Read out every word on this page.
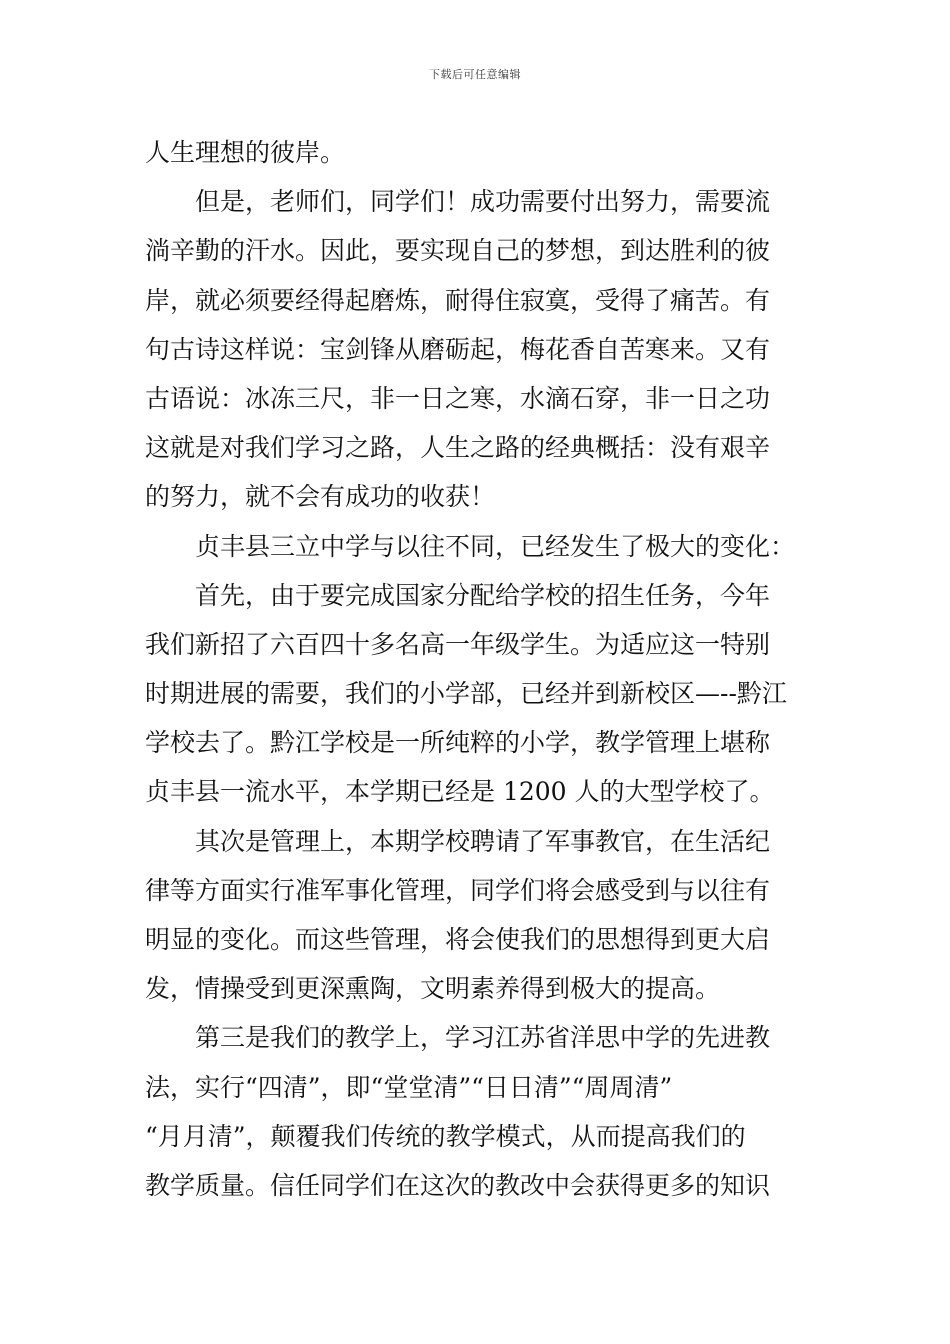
下载后可任意编辑
人生理想的彼岸。
但是，老师们，同学们！成功需要付出努力，需要流
淌辛勤的汗水。因此，要实现自己的梦想，到达胜利的彼
岸，就必须要经得起磨炼，耐得住寂寞，受得了痛苦。有
句古诗这样说：宝剑锋从磨砺起，梅花香自苦寒来。又有
古语说：冰冻三尺，非一日之寒，水滴石穿，非一日之功
这就是对我们学习之路，人生之路的经典概括：没有艰辛
的努力，就不会有成功的收获！
贞丰县三立中学与以往不同，已经发生了极大的变化：
首先，由于要完成国家分配给学校的招生任务，今年
我们新招了六百四十多名高一年级学生。为适应这一特别
时期进展的需要，我们的小学部，已经并到新校区—--黔江
学校去了。黔江学校是一所纯粹的小学，教学管理上堪称
贞丰县一流水平，本学期已经是 1200 人的大型学校了。
其次是管理上，本期学校聘请了军事教官，在生活纪
律等方面实行准军事化管理，同学们将会感受到与以往有
明显的变化。而这些管理，将会使我们的思想得到更大启
发，情操受到更深熏陶，文明素养得到极大的提高。
第三是我们的教学上，学习江苏省洋思中学的先进教
法，实行“四清”，即“堂堂清”“日日清”“周周清”
“月月清”，颠覆我们传统的教学模式，从而提高我们的
教学质量。信任同学们在这次的教改中会获得更多的知识
